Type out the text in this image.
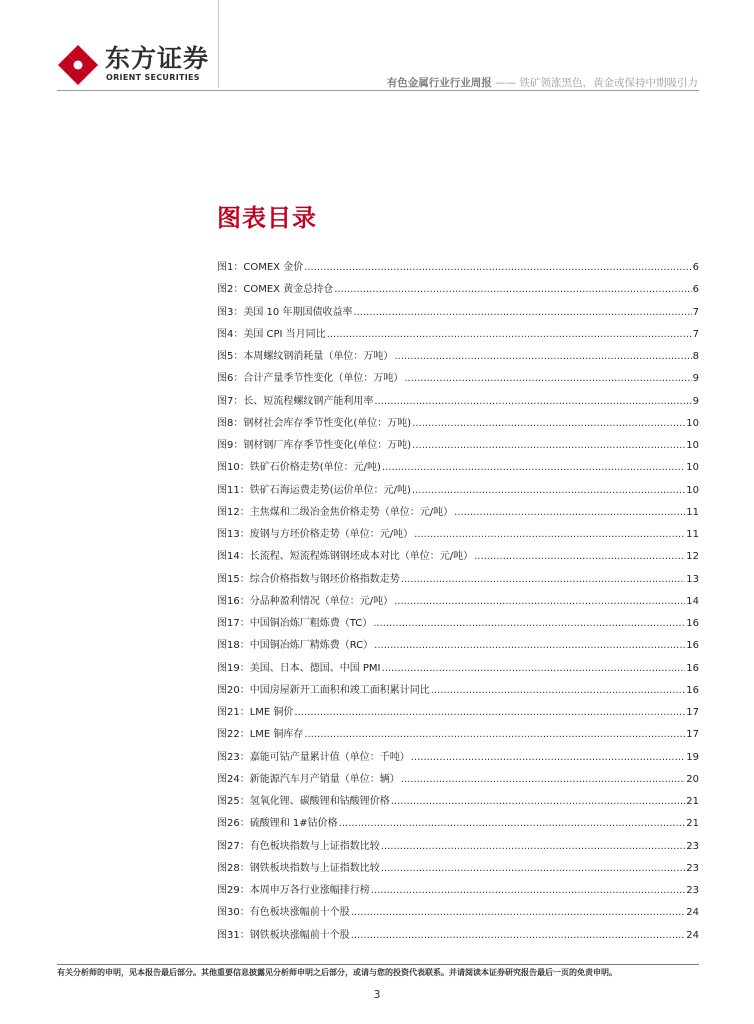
东方证券
ORIENT SECURITIES	有色金属行业行业周报 —— 铁矿领涨黑色，黄金或保持中期吸引力
图表目录
图1：COMEX 金价 .....	6
图2：COMEX 黄金总持仓 .....	6
图3：美国 10 年期国债收益率 .....	7
图4：美国 CPI 当月同比 .....	7
图5：本周螺纹钢消耗量（单位：万吨） .....	8
图6：合计产量季节性变化（单位：万吨） .....	9
图7：长、短流程螺纹钢产能利用率 .....	9
图8：钢材社会库存季节性变化(单位：万吨) .....	10
图9：钢材钢厂库存季节性变化(单位：万吨) .....	10
图10：铁矿石价格走势(单位：元/吨) .....	10
图11：铁矿石海运费走势(运价单位：元/吨) .....	10
图12：主焦煤和二级冶金焦价格走势（单位：元/吨） .....	11
图13：废钢与方坯价格走势（单位：元/吨） .....	11
图14：长流程、短流程炼钢钢坯成本对比（单位：元/吨） .....	12
图15：综合价格指数与钢坯价格指数走势 .....	13
图16：分品种盈利情况（单位：元/吨） .....	14
图17：中国铜冶炼厂粗炼费（TC） .....	16
图18：中国铜冶炼厂精炼费（RC） .....	16
图19：美国、日本、德国、中国 PMI .....	16
图20：中国房屋新开工面积和竣工面积累计同比 .....	16
图21：LME 铜价 .....	17
图22：LME 铜库存 .....	17
图23：嘉能可钴产量累计值（单位：千吨） .....	19
图24：新能源汽车月产销量（单位：辆） .....	20
图25：氢氧化锂、碳酸锂和钴酸锂价格 .....	21
图26：硫酸锂和 1#钴价格 .....	21
图27：有色板块指数与上证指数比较 .....	23
图28：钢铁板块指数与上证指数比较 .....	23
图29：本周申万各行业涨幅排行榜 .....	23
图30：有色板块涨幅前十个股 .....	24
图31：钢铁板块涨幅前十个股 .....	24
有关分析师的申明，见本报告最后部分。其他重要信息披露见分析师申明之后部分，或请与您的投资代表联系。并请阅读本证券研究报告最后一页的免责申明。
3
